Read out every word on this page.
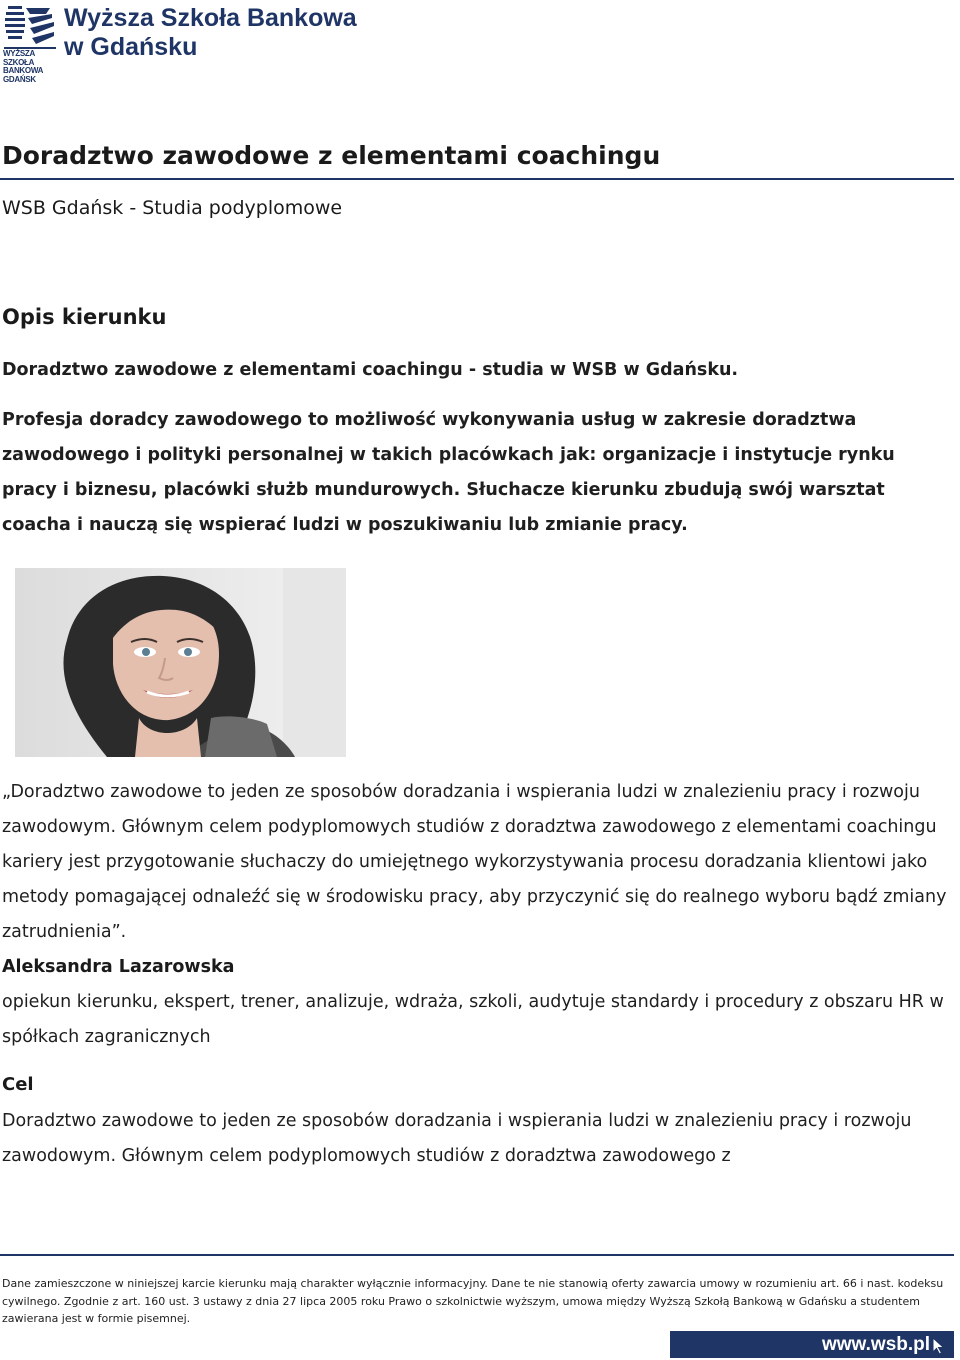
WYŻSZA SZKOŁA BANKOWA GDAŃSK
Wyższa Szkoła Bankowa
w Gdańsku
Doradztwo zawodowe z elementami coachingu

WSB Gdańsk - Studia podyplomowe

Opis kierunku

Doradztwo zawodowe z elementami coachingu - studia w WSB w Gdańsku.

Profesja doradcy zawodowego to możliwość wykonywania usług w zakresie doradztwa zawodowego i polityki personalnej w takich placówkach jak: organizacje i instytucje rynku pracy i biznesu, placówki służb mundurowych. Słuchacze kierunku zbudują swój warsztat coacha i nauczą się wspierać ludzi w poszukiwaniu lub zmianie pracy.

„Doradztwo zawodowe to jeden ze sposobów doradzania i wspierania ludzi w znalezieniu pracy i rozwoju zawodowym. Głównym celem podyplomowych studiów z doradztwa zawodowego z elementami coachingu kariery jest przygotowanie słuchaczy do umiejętnego wykorzystywania procesu doradzania klientowi jako metody pomagającej odnaleźć się w środowisku pracy, aby przyczynić się do realnego wyboru bądź zmiany zatrudnienia”.

Aleksandra Lazarowska

opiekun kierunku, ekspert, trener, analizuje, wdraża, szkoli, audytuje standardy i procedury z obszaru HR w spółkach zagranicznych

Cel

Doradztwo zawodowe to jeden ze sposobów doradzania i wspierania ludzi w znalezieniu pracy i rozwoju zawodowym. Głównym celem podyplomowych studiów z doradztwa zawodowego z

Dane zamieszczone w niniejszej karcie kierunku mają charakter wyłącznie informacyjny. Dane te nie stanowią oferty zawarcia umowy w rozumieniu art. 66 i nast. kodeksu cywilnego. Zgodnie z art. 160 ust. 3 ustawy z dnia 27 lipca 2005 roku Prawo o szkolnictwie wyższym, umowa między Wyższą Szkołą Bankową w Gdańsku a studentem zawierana jest w formie pisemnej.

www.wsb.pl
